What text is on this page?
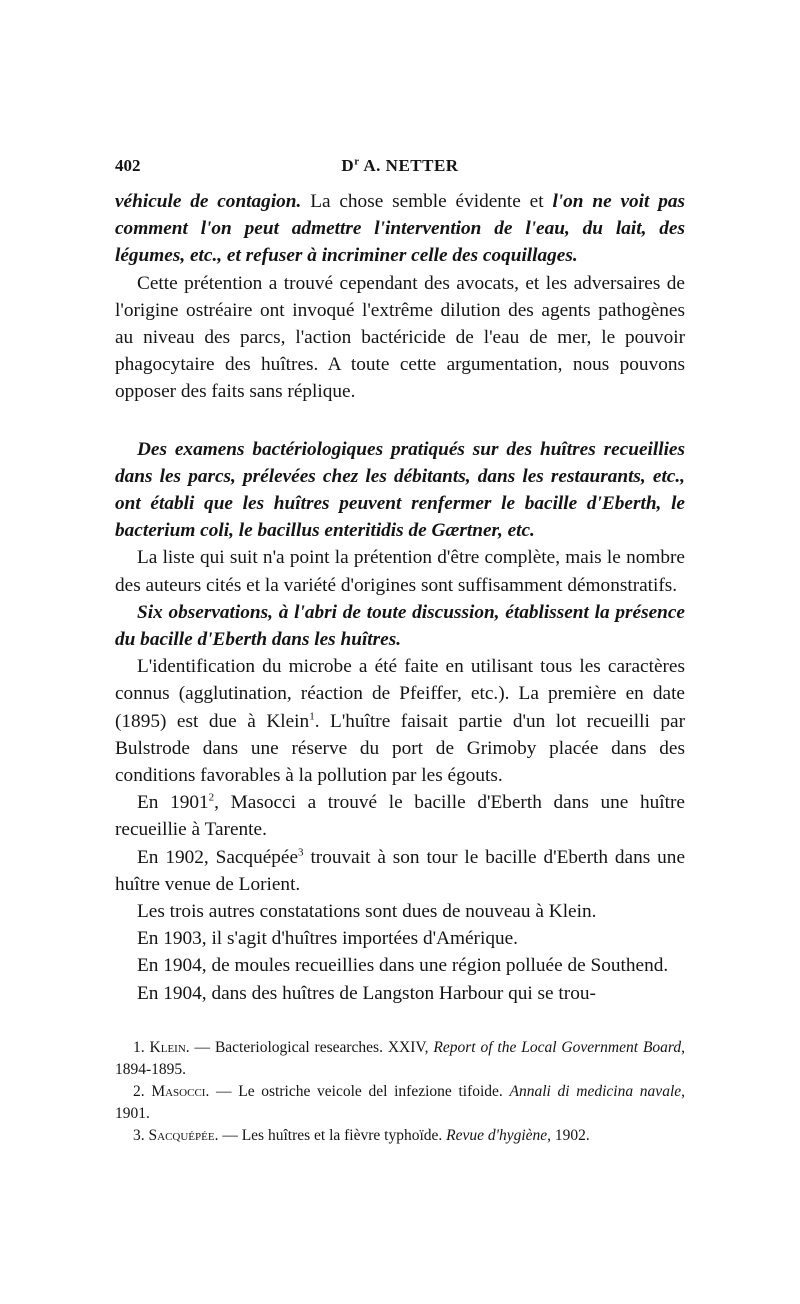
402	$D^r$ A. NETTER

véhicule de contagion. La chose semble évidente et l'on ne voit pas comment l'on peut admettre l'intervention de l'eau, du lait, des légumes, etc., et refuser à incriminer celle des coquillages.

Cette prétention a trouvé cependant des avocats, et les adversaires de l'origine ostréaire ont invoqué l'extrême dilution des agents pathogènes au niveau des parcs, l'action bactéricide de l'eau de mer, le pouvoir phagocytaire des huîtres. A toute cette argumentation, nous pouvons opposer des faits sans réplique.

Des examens bactériologiques pratiqués sur des huîtres recueillies dans les parcs, prélevées chez les débitants, dans les restaurants, etc., ont établi que les huîtres peuvent renfermer le bacille d'Eberth, le bacterium coli, le bacillus enteritidis de Gærtner, etc.

La liste qui suit n'a point la prétention d'être complète, mais le nombre des auteurs cités et la variété d'origines sont suffisamment démonstratifs.

Six observations, à l'abri de toute discussion, établissent la présence du bacille d'Eberth dans les huîtres.

L'identification du microbe a été faite en utilisant tous les caractères connus (agglutination, réaction de Pfeiffer, etc.). La première en date (1895) est due à Klein$^1$. L'huître faisait partie d'un lot recueilli par Bulstrode dans une réserve du port de Grimoby placée dans des conditions favorables à la pollution par les égouts.

En 1901$^2$, Masocci a trouvé le bacille d'Eberth dans une huître recueillie à Tarente.

En 1902, Sacquépée$^3$ trouvait à son tour le bacille d'Eberth dans une huître venue de Lorient.

Les trois autres constatations sont dues de nouveau à Klein.

En 1903, il s'agit d'huîtres importées d'Amérique.

En 1904, de moules recueillies dans une région polluée de Southend.

En 1904, dans des huîtres de Langston Harbour qui se trou-

1. Klein. — Bacteriological researches. XXIV, Report of the Local Government Board, 1894-1895.

2. Masocci. — Le ostriche veicole del infezione tifoide. Annali di medicina navale, 1901.

3. Sacquépée. — Les huîtres et la fièvre typhoïde. Revue d'hygiène, 1902.
